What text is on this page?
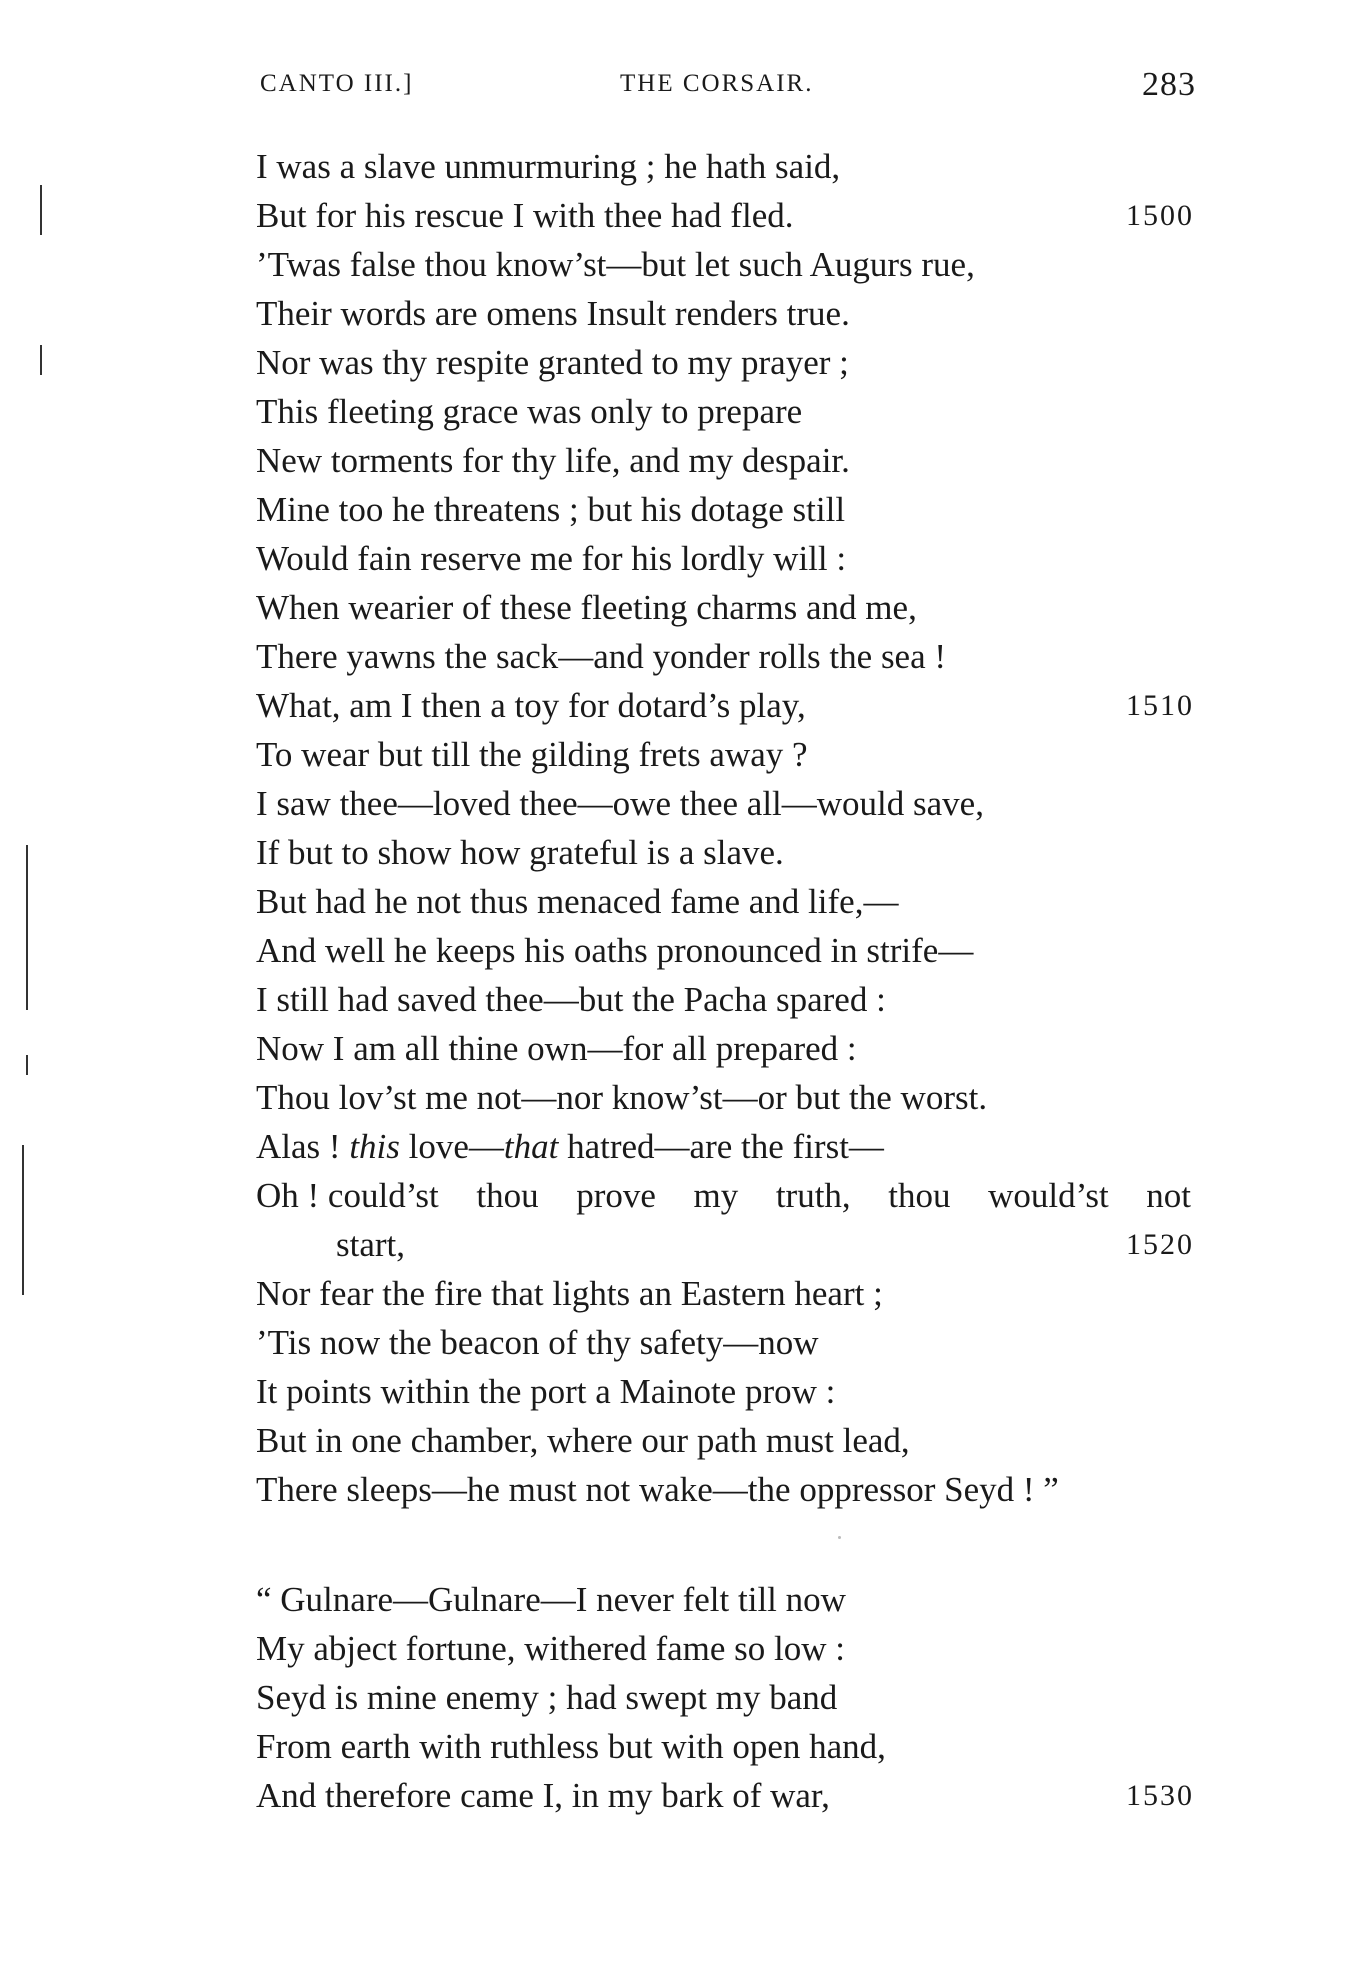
CANTO III.]	THE CORSAIR.	283
I was a slave unmurmuring ; he hath said,
But for his rescue I with thee had fled.	1500
’Twas false thou know’st—but let such Augurs rue,
Their words are omens Insult renders true.
Nor was thy respite granted to my prayer ;
This fleeting grace was only to prepare
New torments for thy life, and my despair.
Mine too he threatens ; but his dotage still
Would fain reserve me for his lordly will :
When wearier of these fleeting charms and me,
There yawns the sack—and yonder rolls the sea !
What, am I then a toy for dotard’s play,	1510
To wear but till the gilding frets away ?
I saw thee—loved thee—owe thee all—would save,
If but to show how grateful is a slave.
But had he not thus menaced fame and life,—
And well he keeps his oaths pronounced in strife—
I still had saved thee—but the Pacha spared :
Now I am all thine own—for all prepared :
Thou lov’st me not—nor know’st—or but the worst.
Alas ! this love—that hatred—are the first—
Oh ! could’st thou prove my truth, thou would’st not
start,	1520
Nor fear the fire that lights an Eastern heart ;
’Tis now the beacon of thy safety—now
It points within the port a Mainote prow :
But in one chamber, where our path must lead,
There sleeps—he must not wake—the oppressor Seyd ! ”
“ Gulnare—Gulnare—I never felt till now
My abject fortune, withered fame so low :
Seyd is mine enemy ; had swept my band
From earth with ruthless but with open hand,
And therefore came I, in my bark of war,	1530
